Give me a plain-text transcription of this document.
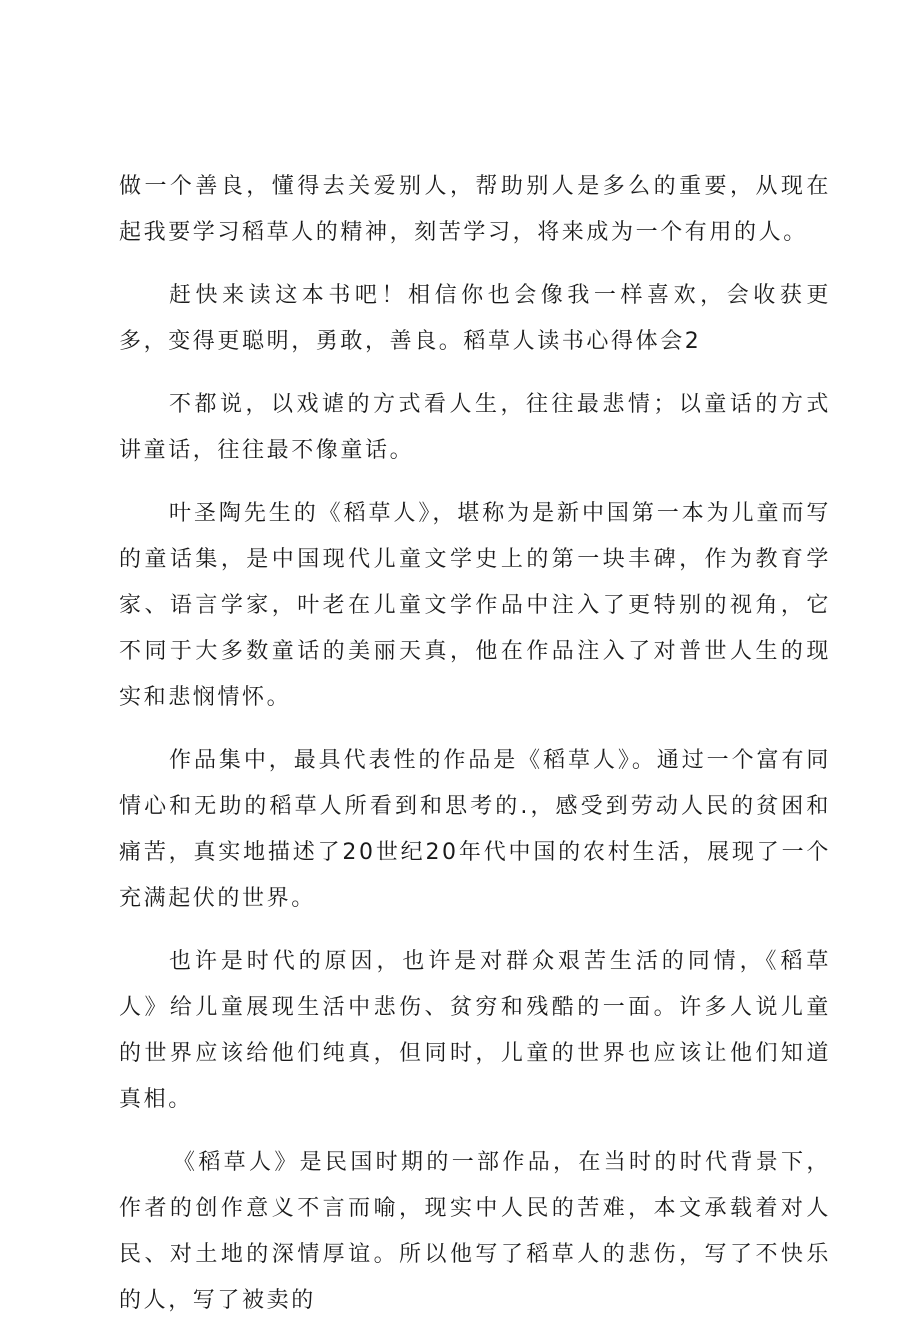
做一个善良，懂得去关爱别人，帮助别人是多么的重要，从现在起我要学习稻草人的精神，刻苦学习，将来成为一个有用的人。

赶快来读这本书吧！相信你也会像我一样喜欢，会收获更多，变得更聪明，勇敢，善良。稻草人读书心得体会2

不都说，以戏谑的方式看人生，往往最悲情；以童话的方式讲童话，往往最不像童话。

叶圣陶先生的《稻草人》，堪称为是新中国第一本为儿童而写的童话集，是中国现代儿童文学史上的第一块丰碑，作为教育学家、语言学家，叶老在儿童文学作品中注入了更特别的视角，它不同于大多数童话的美丽天真，他在作品注入了对普世人生的现实和悲悯情怀。

作品集中，最具代表性的作品是《稻草人》。通过一个富有同情心和无助的稻草人所看到和思考的.，感受到劳动人民的贫困和痛苦，真实地描述了20世纪20年代中国的农村生活，展现了一个充满起伏的世界。

也许是时代的原因，也许是对群众艰苦生活的同情，《稻草人》给儿童展现生活中悲伤、贫穷和残酷的一面。许多人说儿童的世界应该给他们纯真，但同时，儿童的世界也应该让他们知道真相。

《稻草人》是民国时期的一部作品，在当时的时代背景下，作者的创作意义不言而喻，现实中人民的苦难，本文承载着对人民、对土地的深情厚谊。所以他写了稻草人的悲伤，写了不快乐的人，写了被卖的
